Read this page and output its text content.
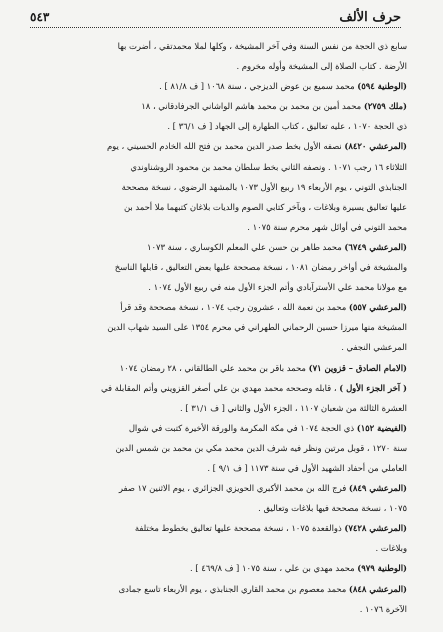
حرف الألف
٥٤٣
سابع ذي الحجة من نفس السنة وفي آخر المشيخة ، وكلها لملا محمدتقي ، أضرت بها
الأرضة . كتاب الصلاة إلى المشيخة وأوله مخروم .
(الوطنية ٥٩٤) محمد سميع بن عوض الديزجي ، سنة ١٠٦٨ [ ف ٨١/٨ ] .
(ملك ٢٧٥٩) محمد أمين بن محمد بن محمد هاشم الواشاني الجرفادقاني ، ١٨
ذي الحجة ١٠٧٠ ، عليه تعاليق ، كتاب الطهارة إلى الجهاد [ ف ٣٦/١ ] .
(المرعشي ٨٤٢٠) نصفه الأول بخط صدر الدين محمد بن فتح الله الخادم الحسيني ، يوم
الثلاثاء ١٦ رجب ١٠٧١ . ونصفه الثاني بخط سلطان محمد بن محمود الروشناوندي
الجنابذي التوني ، يوم الأربعاء ١٩ ربيع الأول ١٠٧٣ بالمشهد الرضوي ، نسخة مصححة
عليها تعاليق يسيرة وبلاغات ، وبآخر كتابي الصوم والديات بلاغان كتبهما ملا أحمد بن
محمد التوني في أوائل شهر محرم سنة ١٠٧٥ .
(المرعشي ٦٧٤٩) محمد طاهر بن حسن علي المعلم الكوساري ، سنة ١٠٧٣
والمشيخة في أواخر رمضان ١٠٨١ ، نسخة مصححة عليها بعض التعاليق ، قابلها الناسخ
مع مولانا محمد علي الأسترآبادي وأتم الجزء الأول منه في ربيع الأول ١٠٧٤ .
(المرعشي ٥٥٧) محمد بن نعمة الله ، عشرون رجب ١٠٧٤ ، نسخة مصححة وقد قرأ
المشيخة منها ميرزا حسين الرحماني الطهراني في محرم ١٣٥٤ على السيد شهاب الدين
المرعشي النجفي .
(الامام الصادق – قزوين ٧١) محمد باقر بن محمد علي الطالقاني ، ٢٨ رمضان ١٠٧٤
( آخر الجزء الأول ) ، قابله وصححه محمد مهدي بن علي أصغر القزويني وأتم المقابلة في
العشرة الثالثة من شعبان ١١٠٧ ، الجزء الأول والثاني [ ف ٣١/١ ] .
(الفيضية ١٥٢) ذي الحجة ١٠٧٤ في مكة المكرمة والورقة الأخيرة كتبت في شوال
سنة ١٢٧٠ ، قوبل مرتين ونظر فيه شرف الدين محمد مكي بن محمد بن شمس الدين
العاملي من أحفاد الشهيد الأول في سنة ١١٧٣ [ ف ٩/١ ] .
(المرعشي ٨٤٩) فرج الله بن محمد الأكبري الحويزي الجزائري ، يوم الاثنين ١٧ صفر
١٠٧٥ ، نسخة مصححة فيها بلاغات وتعاليق .
(المرعشي ٧٤٢٨) ذوالقعدة ١٠٧٥ ، نسخة مصححة عليها تعاليق بخطوط مختلفة
وبلاغات .
(الوطنية ٩٧٩) محمد مهدي بن علي ، سنة ١٠٧٥ [ ف ٤٦٩/٨ ] .
(المرعشي ٨٤٨) محمد معصوم بن محمد القاري الجنابذي ، يوم الأربعاء تاسع جمادى
الآخرة ١٠٧٦ .
